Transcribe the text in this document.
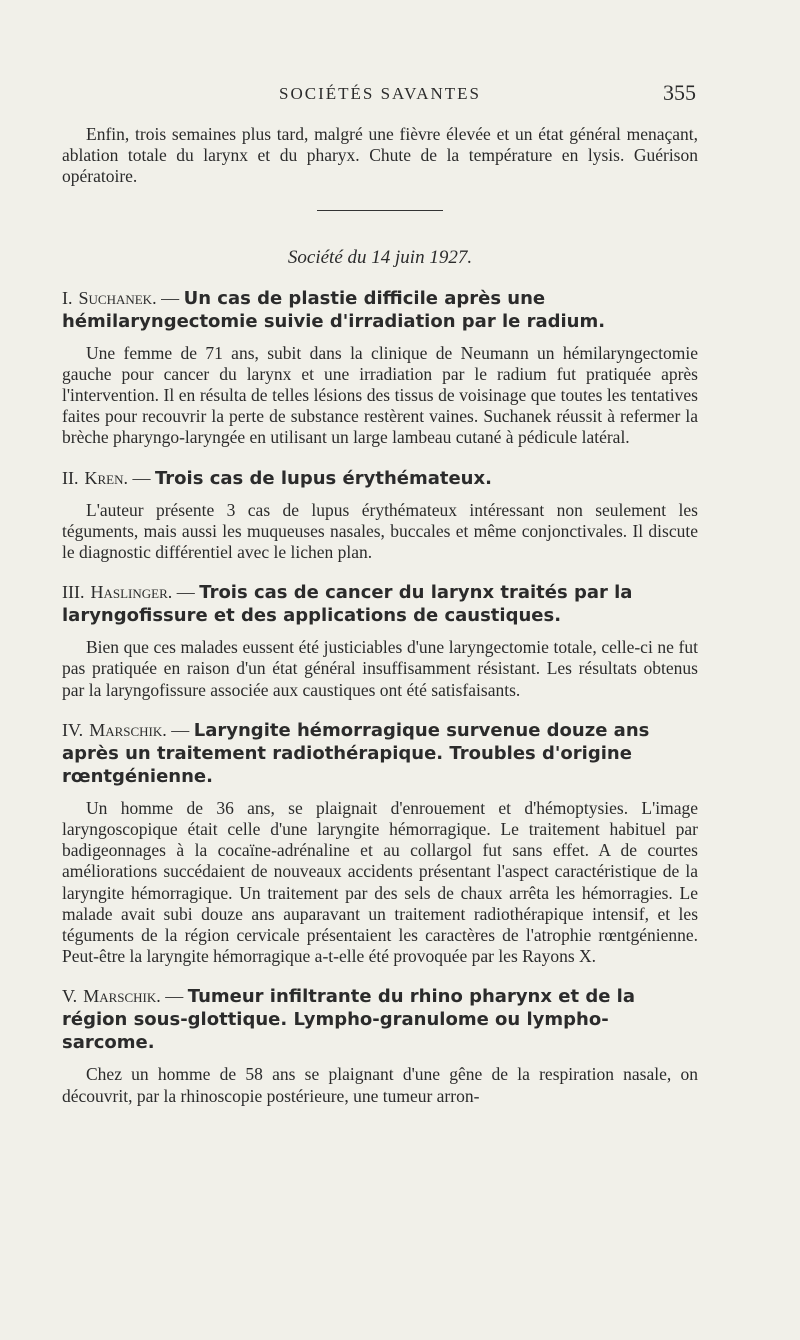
SOCIÉTÉS SAVANTES	355

Enfin, trois semaines plus tard, malgré une fièvre élevée et un état général menaçant, ablation totale du larynx et du pharyx. Chute de la température en lysis. Guérison opératoire.

Société du 14 juin 1927.
I. Suchanek. — Un cas de plastie difficile après une hémilaryngectomie suivie d'irradiation par le radium.

Une femme de 71 ans, subit dans la clinique de Neumann un hémilaryngectomie gauche pour cancer du larynx et une irradiation par le radium fut pratiquée après l'intervention. Il en résulta de telles lésions des tissus de voisinage que toutes les tentatives faites pour recouvrir la perte de substance restèrent vaines. Suchanek réussit à refermer la brèche pharyngo-laryngée en utilisant un large lambeau cutané à pédicule latéral.

II. Kren. — Trois cas de lupus érythémateux.

L'auteur présente 3 cas de lupus érythémateux intéressant non seulement les téguments, mais aussi les muqueuses nasales, buccales et même conjonctivales. Il discute le diagnostic différentiel avec le lichen plan.

III. Haslinger. — Trois cas de cancer du larynx traités par la laryngofissure et des applications de caustiques.

Bien que ces malades eussent été justiciables d'une laryngectomie totale, celle-ci ne fut pas pratiquée en raison d'un état général insuffisamment résistant. Les résultats obtenus par la laryngofissure associée aux caustiques ont été satisfaisants.

IV. Marschik. — Laryngite hémorragique survenue douze ans après un traitement radiothérapique. Troubles d'origine rœntgénienne.

Un homme de 36 ans, se plaignait d'enrouement et d'hémoptysies. L'image laryngoscopique était celle d'une laryngite hémorragique. Le traitement habituel par badigeonnages à la cocaïne-adrénaline et au collargol fut sans effet. A de courtes améliorations succédaient de nouveaux accidents présentant l'aspect caractéristique de la laryngite hémorragique. Un traitement par des sels de chaux arrêta les hémorragies. Le malade avait subi douze ans auparavant un traitement radiothérapique intensif, et les téguments de la région cervicale présentaient les caractères de l'atrophie rœntgénienne. Peut-être la laryngite hémorragique a-t-elle été provoquée par les Rayons X.

V. Marschik. — Tumeur infiltrante du rhino pharynx et de la région sous-glottique. Lympho-granulome ou lympho-sarcome.

Chez un homme de 58 ans se plaignant d'une gêne de la respiration nasale, on découvrit, par la rhinoscopie postérieure, une tumeur arron-
